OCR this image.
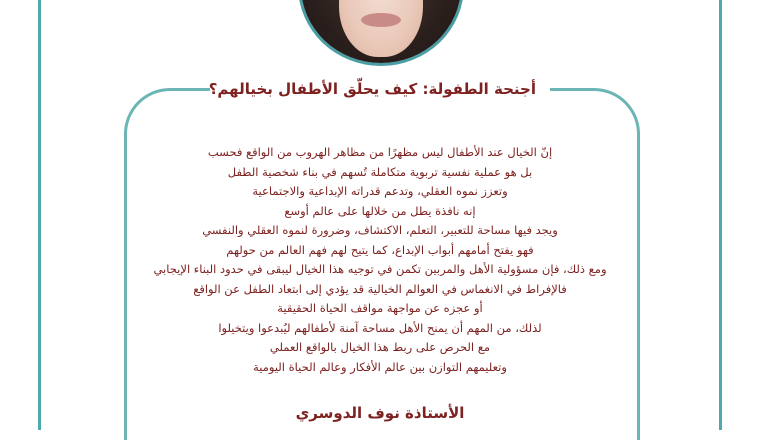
أجنحة الطفولة: كيف يحلّق الأطفال بخيالهم؟
إنّ الخيال عند الأطفال ليس مظهرًا من مظاهر الهروب من الواقع فحسب
بل هو عملية نفسية تربوية متكاملة تُسهم في بناء شخصية الطفل
وتعزز نموه العقلي، وتدعم قدراته الإبداعية والاجتماعية
إنه نافذة يطل من خلالها على عالم أوسع
ويجد فيها مساحة للتعبير، التعلم، الاكتشاف، وضرورة لنموه العقلي والنفسي
فهو يفتح أمامهم أبواب الإبداع، كما يتيح لهم فهم العالم من حولهم
ومع ذلك، فإن مسؤولية الأهل والمربين تكمن في توجيه هذا الخيال ليبقى في حدود البناء الإيجابي
فالإفراط في الانغماس في العوالم الخيالية قد يؤدي إلى ابتعاد الطفل عن الواقع
أو عجزه عن مواجهة مواقف الحياة الحقيقية
لذلك، من المهم أن يمنح الأهل مساحة آمنة لأطفالهم ليُبدعوا ويتخيلوا
مع الحرص على ربط هذا الخيال بالواقع العملي
وتعليمهم التوازن بين عالم الأفكار وعالم الحياة اليومية
الأستاذة نوف الدوسري
